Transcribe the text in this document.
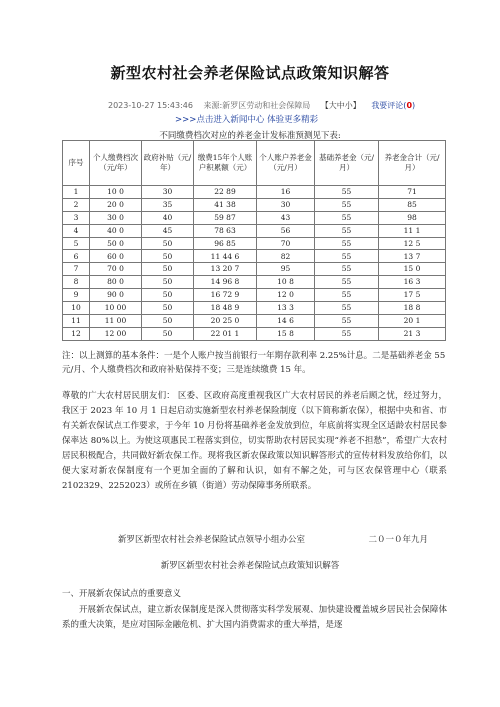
新型农村社会养老保险试点政策知识解答
2023-10-27 15:43:46 来源:新罗区劳动和社会保障局 【大中小】 我要评论(0)
>>>点击进入新闻中心 体验更多精彩
不同缴费档次对应的养老金计发标准预测见下表:
序号	个人缴费档次（元/年）	政府补贴（元/年）	缴费15年个人账户积累额（元）	个人账户养老金（元/月）	基础养老金（元/月）	养老金合计（元/月）
1	10 0	30	22 89	16	55	71
2	20 0	35	41 38	30	55	85
3	30 0	40	59 87	43	55	98
4	40 0	45	78 63	56	55	11 1
5	50 0	50	96 85	70	55	12 5
6	60 0	50	11 44 6	82	55	13 7
7	70 0	50	13 20 7	95	55	15 0
8	80 0	50	14 96 8	10 8	55	16 3
9	90 0	50	16 72 9	12 0	55	17 5
10	10 00	50	18 48 9	13 3	55	18 8
11	11 00	50	20 25 0	14 6	55	20 1
12	12 00	50	22 01 1	15 8	55	21 3
注：以上测算的基本条件：一是个人账户按当前银行一年期存款利率 2.25%计息。二是基础养老金 55 元/月、个人缴费档次和政府补贴保持不变；三是连续缴费 15 年。
尊敬的广大农村居民朋友们： 区委、区政府高度重视我区广大农村居民的养老后顾之忧，经过努力，我区于 2023 年 10 月 1 日起启动实施新型农村养老保险制度（以下简称新农保），根据中央和省、市有关新农保试点工作要求，于今年 10 月份将基础养老金发放到位，年底前将实现全区适龄农村居民参保率达 80%以上。为使这项惠民工程落实到位，切实帮助农村居民实现“养老不担愁”，希望广大农村居民积极配合，共同做好新农保工作。现将我区新农保政策以知识解答形式的宣传材料发放给你们，以便大家对新农保制度有一个更加全面的了解和认识，如有不解之处，可与区农保管理中心（联系 2102329、2252023）或所在乡镇（街道）劳动保障事务所联系。
新罗区新型农村社会养老保险试点领导小组办公室	二０一０年九月
新罗区新型农村社会养老保险试点政策知识解答
一、开展新农保试点的重要意义
开展新农保试点，建立新农保制度是深入贯彻落实科学发展观、加快建设覆盖城乡居民社会保障体系的重大决策，是应对国际金融危机、扩大国内消费需求的重大举措，是逐
